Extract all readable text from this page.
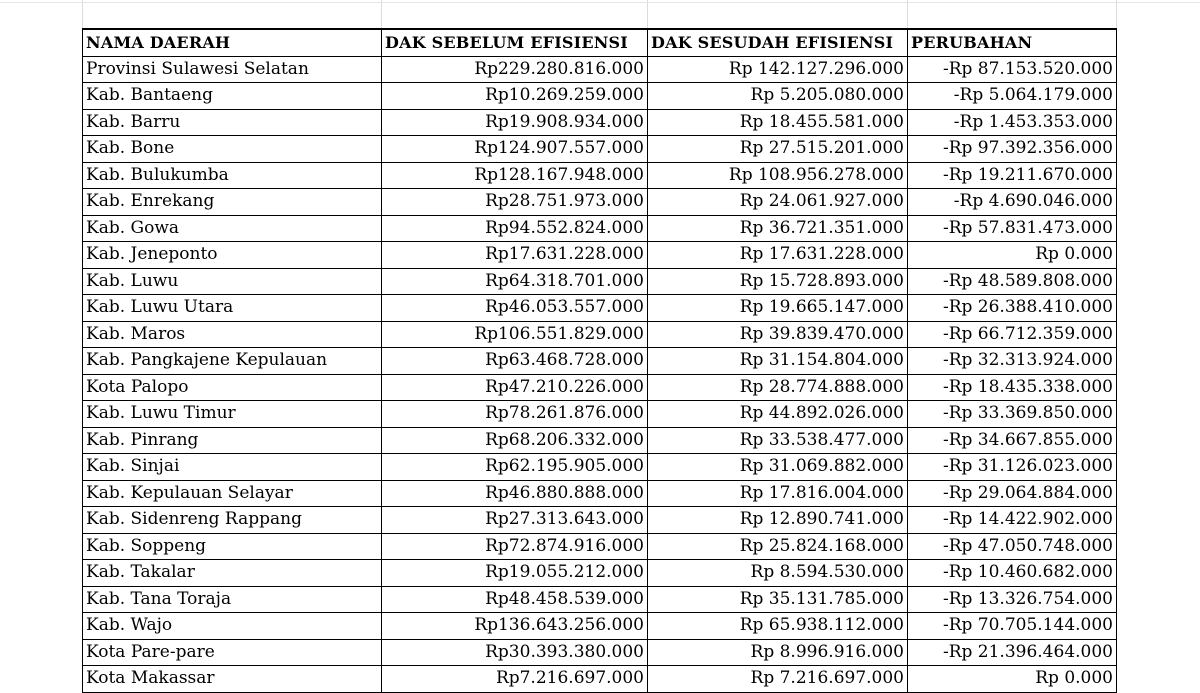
NAMA DAERAH	DAK SEBELUM EFISIENSI	DAK SESUDAH EFISIENSI	PERUBAHAN
Provinsi Sulawesi Selatan	Rp229.280.816.000	Rp 142.127.296.000	-Rp 87.153.520.000
Kab. Bantaeng	Rp10.269.259.000	Rp 5.205.080.000	-Rp 5.064.179.000
Kab. Barru	Rp19.908.934.000	Rp 18.455.581.000	-Rp 1.453.353.000
Kab. Bone	Rp124.907.557.000	Rp 27.515.201.000	-Rp 97.392.356.000
Kab. Bulukumba	Rp128.167.948.000	Rp 108.956.278.000	-Rp 19.211.670.000
Kab. Enrekang	Rp28.751.973.000	Rp 24.061.927.000	-Rp 4.690.046.000
Kab. Gowa	Rp94.552.824.000	Rp 36.721.351.000	-Rp 57.831.473.000
Kab. Jeneponto	Rp17.631.228.000	Rp 17.631.228.000	Rp 0.000
Kab. Luwu	Rp64.318.701.000	Rp 15.728.893.000	-Rp 48.589.808.000
Kab. Luwu Utara	Rp46.053.557.000	Rp 19.665.147.000	-Rp 26.388.410.000
Kab. Maros	Rp106.551.829.000	Rp 39.839.470.000	-Rp 66.712.359.000
Kab. Pangkajene Kepulauan	Rp63.468.728.000	Rp 31.154.804.000	-Rp 32.313.924.000
Kota Palopo	Rp47.210.226.000	Rp 28.774.888.000	-Rp 18.435.338.000
Kab. Luwu Timur	Rp78.261.876.000	Rp 44.892.026.000	-Rp 33.369.850.000
Kab. Pinrang	Rp68.206.332.000	Rp 33.538.477.000	-Rp 34.667.855.000
Kab. Sinjai	Rp62.195.905.000	Rp 31.069.882.000	-Rp 31.126.023.000
Kab. Kepulauan Selayar	Rp46.880.888.000	Rp 17.816.004.000	-Rp 29.064.884.000
Kab. Sidenreng Rappang	Rp27.313.643.000	Rp 12.890.741.000	-Rp 14.422.902.000
Kab. Soppeng	Rp72.874.916.000	Rp 25.824.168.000	-Rp 47.050.748.000
Kab. Takalar	Rp19.055.212.000	Rp 8.594.530.000	-Rp 10.460.682.000
Kab. Tana Toraja	Rp48.458.539.000	Rp 35.131.785.000	-Rp 13.326.754.000
Kab. Wajo	Rp136.643.256.000	Rp 65.938.112.000	-Rp 70.705.144.000
Kota Pare-pare	Rp30.393.380.000	Rp 8.996.916.000	-Rp 21.396.464.000
Kota Makassar	Rp7.216.697.000	Rp 7.216.697.000	Rp 0.000
